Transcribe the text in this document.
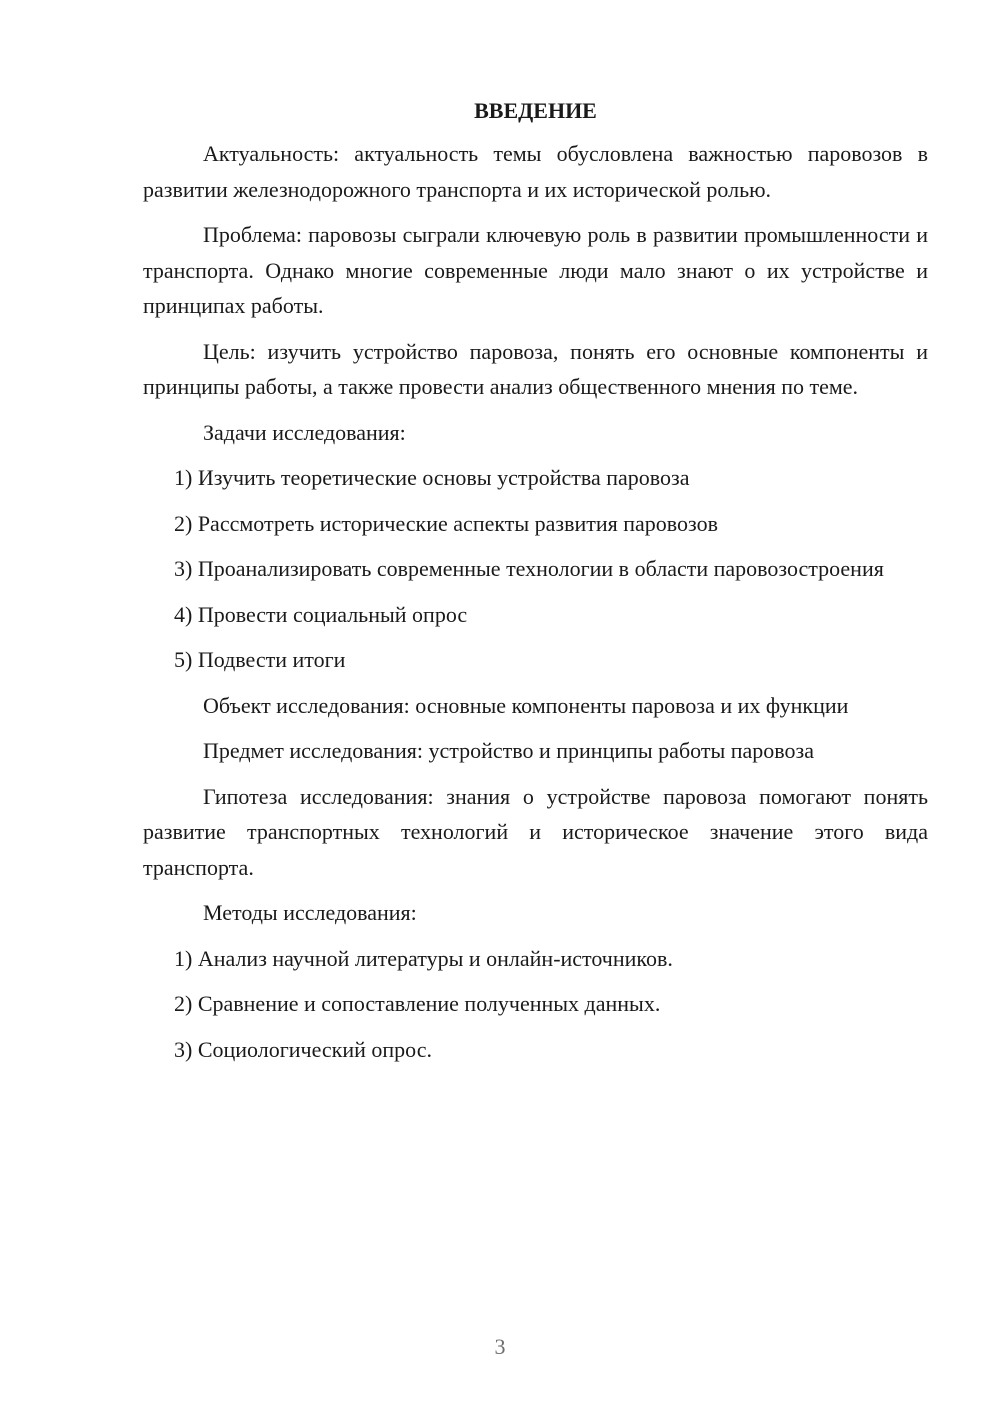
ВВЕДЕНИЕ

Актуальность: актуальность темы обусловлена важностью паровозов в развитии железнодорожного транспорта и их исторической ролью.

Проблема: паровозы сыграли ключевую роль в развитии промышленности и транспорта. Однако многие современные люди мало знают о их устройстве и принципах работы.

Цель: изучить устройство паровоза, понять его основные компоненты и принципы работы, а также провести анализ общественного мнения по теме.

Задачи исследования:

1) Изучить теоретические основы устройства паровоза

2) Рассмотреть исторические аспекты развития паровозов

3) Проанализировать современные технологии в области паровозостроения

4) Провести социальный опрос

5) Подвести итоги

Объект исследования: основные компоненты паровоза и их функции

Предмет исследования: устройство и принципы работы паровоза

Гипотеза исследования: знания о устройстве паровоза помогают понять развитие транспортных технологий и историческое значение этого вида транспорта.

Методы исследования:

1) Анализ научной литературы и онлайн-источников.

2) Сравнение и сопоставление полученных данных.

3) Социологический опрос.

3
